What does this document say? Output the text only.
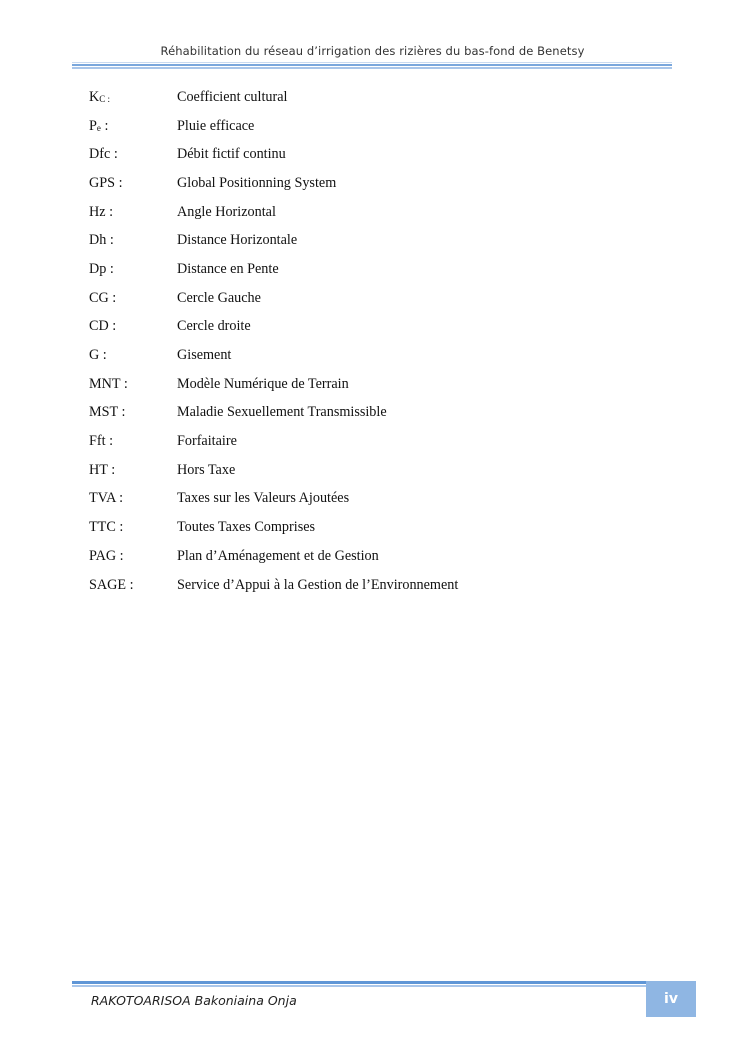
Réhabilitation du réseau d’irrigation des rizières du bas-fond de Benetsy
$K_{C :}$	Coefficient cultural
$P_e$ :	Pluie efficace
Dfc :	Débit fictif continu
GPS :	Global Positionning System
Hz :	Angle Horizontal
Dh :	Distance Horizontale
Dp :	Distance en Pente
CG :	Cercle Gauche
CD :	Cercle droite
G :	Gisement
MNT :	Modèle Numérique de Terrain
MST :	Maladie Sexuellement Transmissible
Fft :	Forfaitaire
HT :	Hors Taxe
TVA :	Taxes sur les Valeurs Ajoutées
TTC :	Toutes Taxes Comprises
PAG :	Plan d’Aménagement et de Gestion
SAGE :	Service d’Appui à la Gestion de l’Environnement
RAKOTOARISOA Bakoniaina Onja	iv
